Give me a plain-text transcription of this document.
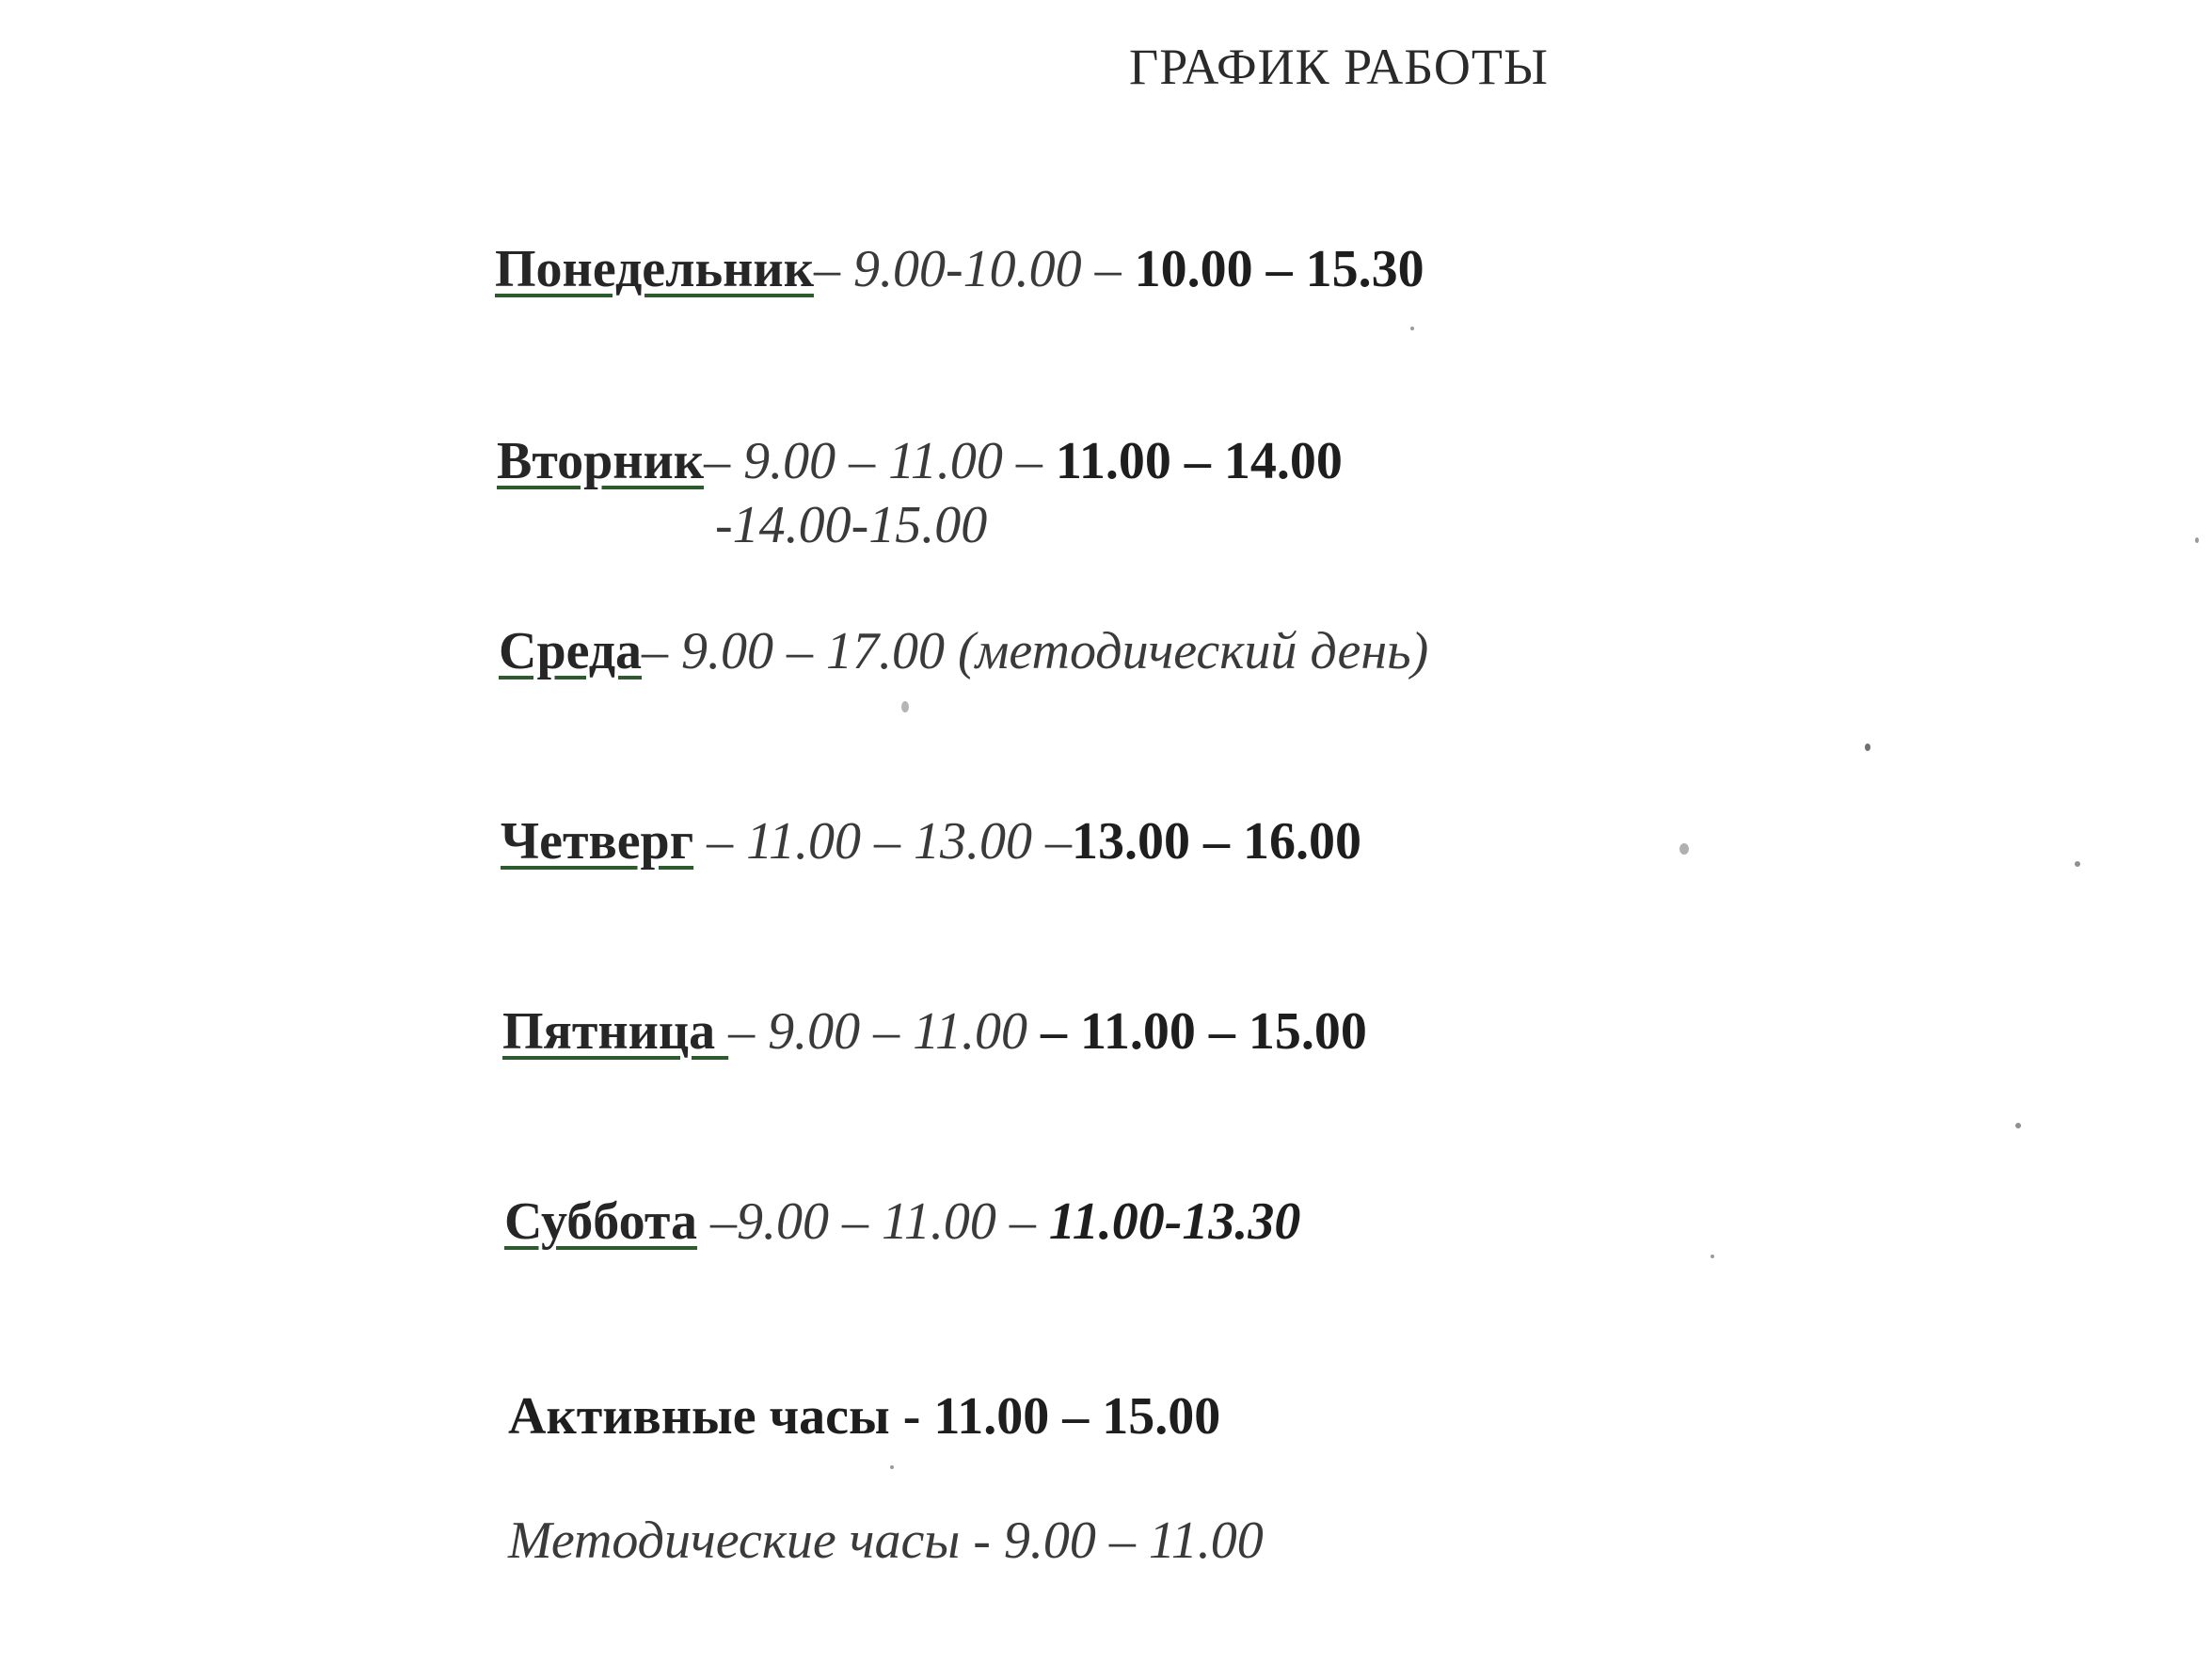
ГРАФИК РАБОТЫ
Понедельник– 9.00-10.00 – 10.00 – 15.30
Вторник– 9.00 – 11.00 – 11.00 – 14.00
-14.00-15.00
Среда– 9.00 – 17.00 (методический день)
Четверг – 11.00 – 13.00 –13.00 – 16.00
Пятница – 9.00 – 11.00 – 11.00 – 15.00
Суббота –9.00 – 11.00 – 11.00-13.30
Активные часы - 11.00 – 15.00
Методические часы - 9.00 – 11.00
